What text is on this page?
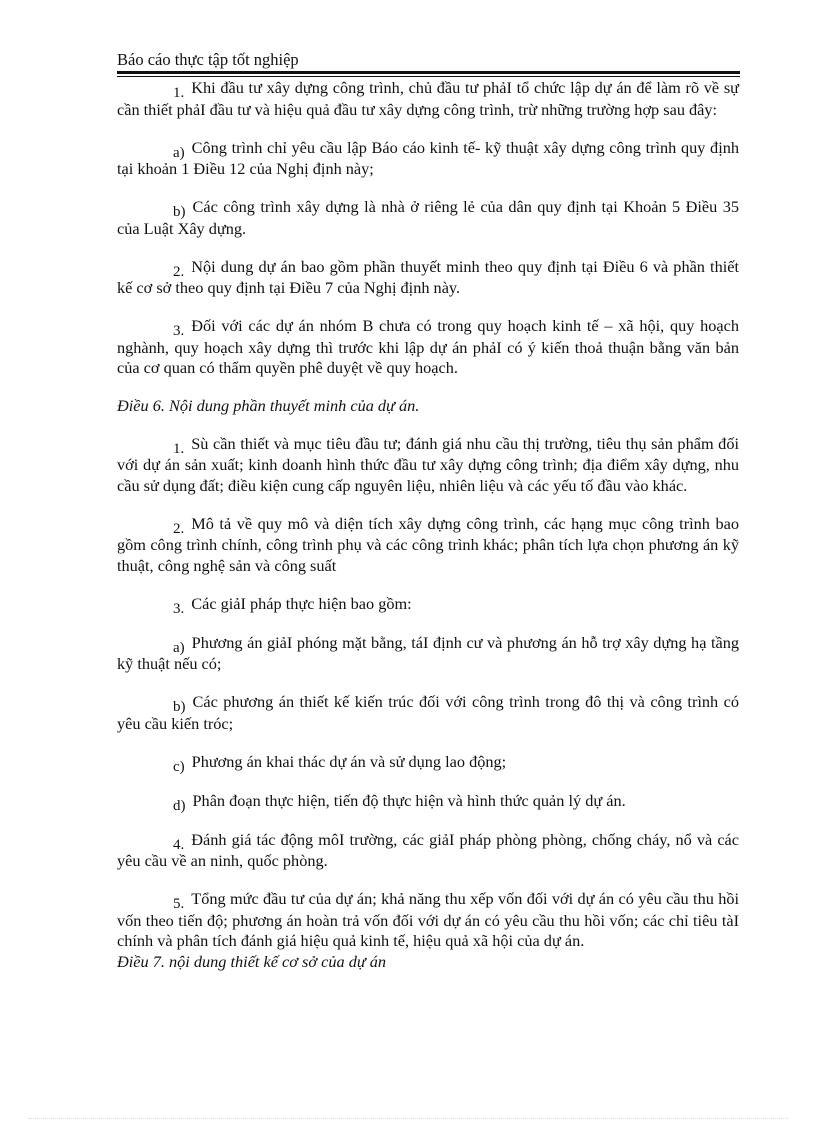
Báo cáo thực tập tốt nghiệp

1. Khi đầu tư xây dựng công trình, chủ đầu tư phảI tổ chức lập dự án để làm rõ về sự cần thiết phảI đầu tư và hiệu quả đầu tư xây dựng công trình, trừ những trường hợp sau đây:

a) Công trình chỉ yêu cầu lập Báo cáo kinh tế- kỹ thuật xây dựng công trình quy định tại khoản 1 Điều 12 của Nghị định này;

b) Các công trình xây dựng là nhà ở riêng lẻ của dân quy định tại Khoản 5 Điều 35 của Luật Xây dựng.

2. Nội dung dự án bao gồm phần thuyết minh theo quy định tại Điều 6 và phần thiết kế cơ sở theo quy định tại Điều 7 của Nghị định này.

3. Đối với các dự án nhóm B chưa có trong quy hoạch kinh tế – xã hội, quy hoạch nghành, quy hoạch xây dựng thì trước khi lập dự án phảI có ý kiến thoả thuận bằng văn bản của cơ quan có thẩm quyền phê duyệt về quy hoạch.

Điều 6. Nội dung phần thuyết minh của dự án.

1. Sù cần thiết và mục tiêu đầu tư; đánh giá nhu cầu thị trường, tiêu thụ sản phẩm đối với dự án sản xuất; kinh doanh hình thức đầu tư xây dựng công trình; địa điểm xây dựng, nhu cầu sử dụng đất; điều kiện cung cấp nguyên liệu, nhiên liệu và các yếu tố đầu vào khác.

2. Mô tả về quy mô và diện tích xây dựng công trình, các hạng mục công trình bao gồm công trình chính, công trình phụ và các công trình khác; phân tích lựa chọn phương án kỹ thuật, công nghệ sản và công suất

3. Các giảI pháp thực hiện bao gồm:

a) Phương án giảI phóng mặt bằng, táI định cư và phương án hỗ trợ xây dựng hạ tầng kỹ thuật nếu có;

b) Các phương án thiết kế kiến trúc đối với công trình trong đô thị và công trình có yêu cầu kiến tróc;

c) Phương án khai thác dự án và sử dụng lao động;

d) Phân đoạn thực hiện, tiến độ thực hiện và hình thức quản lý dự án.

4. Đánh giá tác động môI trường, các giảI pháp phòng phòng, chống cháy, nổ và các yêu cầu về an ninh, quốc phòng.

5. Tổng mức đầu tư của dự án; khả năng thu xếp vốn đối với dự án có yêu cầu thu hồi vốn theo tiến độ; phương án hoàn trả vốn đối với dự án có yêu cầu thu hồi vốn; các chỉ tiêu tàI chính và phân tích đánh giá hiệu quả kinh tế, hiệu quả xã hội của dự án.

Điều 7. nội dung thiết kế cơ sở của dự án
